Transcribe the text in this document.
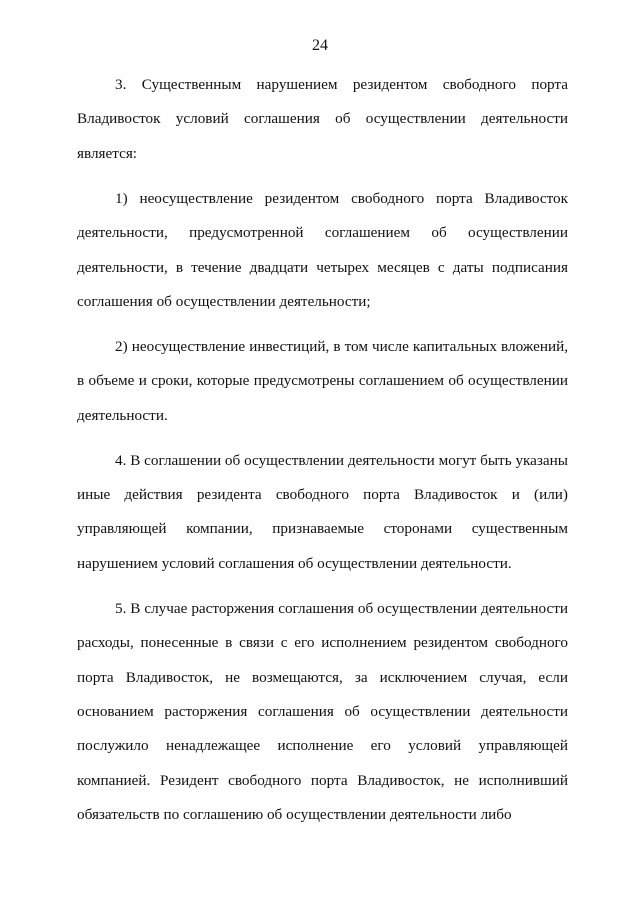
24

3. Существенным нарушением резидентом свободного порта Владивосток условий соглашения об осуществлении деятельности является:

1) неосуществление резидентом свободного порта Владивосток деятельности, предусмотренной соглашением об осуществлении деятельности, в течение двадцати четырех месяцев с даты подписания соглашения об осуществлении деятельности;

2) неосуществление инвестиций, в том числе капитальных вложений, в объеме и сроки, которые предусмотрены соглашением об осуществлении деятельности.

4. В соглашении об осуществлении деятельности могут быть указаны иные действия резидента свободного порта Владивосток и (или) управляющей компании, признаваемые сторонами существенным нарушением условий соглашения об осуществлении деятельности.

5. В случае расторжения соглашения об осуществлении деятельности расходы, понесенные в связи с его исполнением резидентом свободного порта Владивосток, не возмещаются, за исключением случая, если основанием расторжения соглашения об осуществлении деятельности послужило ненадлежащее исполнение его условий управляющей компанией. Резидент свободного порта Владивосток, не исполнивший обязательств по соглашению об осуществлении деятельности либо
